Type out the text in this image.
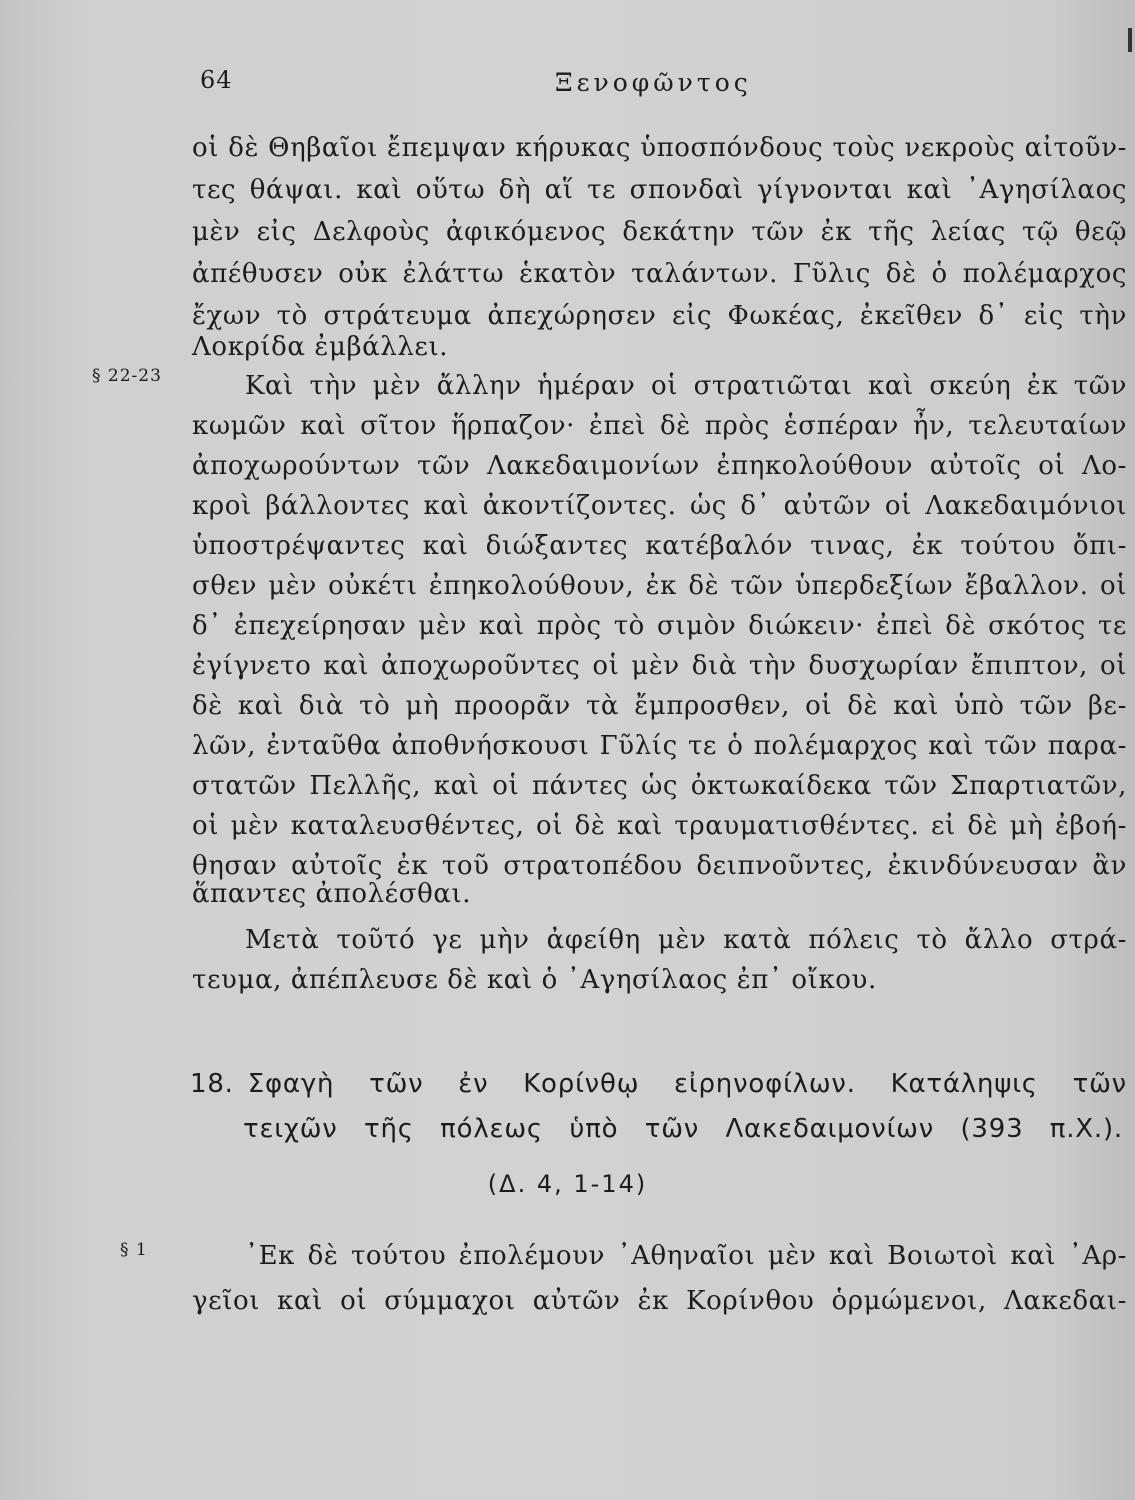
64	Ξενοφῶντος
οἱ δὲ Θηβαῖοι ἔπεμψαν κήρυκας ὑποσπόνδους τοὺς νεκροὺς αἰτοῦν-
τες θάψαι. καὶ οὕτω δὴ αἵ τε σπονδαὶ γίγνονται καὶ ᾿Αγησίλαος
μὲν εἰς Δελφοὺς ἀφικόμενος δεκάτην τῶν ἐκ τῆς λείας τῷ θεῷ
ἀπέθυσεν οὐκ ἐλάττω ἑκατὸν ταλάντων. Γῦλις δὲ ὁ πολέμαρχος
ἔχων τὸ στράτευμα ἀπεχώρησεν εἰς Φωκέας, ἐκεῖθεν δ᾿ εἰς τὴν
Λοκρίδα ἐμβάλλει.
§ 22-23	Καὶ τὴν μὲν ἄλλην ἡμέραν οἱ στρατιῶται καὶ σκεύη ἐκ τῶν
κωμῶν καὶ σῖτον ἥρπαζον· ἐπεὶ δὲ πρὸς ἑσπέραν ἦν, τελευταίων
ἀποχωρούντων τῶν Λακεδαιμονίων ἐπηκολούθουν αὐτοῖς οἱ Λο-
κροὶ βάλλοντες καὶ ἀκοντίζοντες. ὡς δ᾿ αὐτῶν οἱ Λακεδαιμόνιοι
ὑποστρέψαντες καὶ διώξαντες κατέβαλόν τινας, ἐκ τούτου ὄπι-
σθεν μὲν οὐκέτι ἐπηκολούθουν, ἐκ δὲ τῶν ὑπερδεξίων ἔβαλλον. οἱ
δ᾿ ἐπεχείρησαν μὲν καὶ πρὸς τὸ σιμὸν διώκειν· ἐπεὶ δὲ σκότος τε
ἐγίγνετο καὶ ἀποχωροῦντες οἱ μὲν διὰ τὴν δυσχωρίαν ἔπιπτον, οἱ
δὲ καὶ διὰ τὸ μὴ προορᾶν τὰ ἔμπροσθεν, οἱ δὲ καὶ ὑπὸ τῶν βε-
λῶν, ἐνταῦθα ἀποθνήσκουσι Γῦλίς τε ὁ πολέμαρχος καὶ τῶν παρα-
στατῶν Πελλῆς, καὶ οἱ πάντες ὡς ὀκτωκαίδεκα τῶν Σπαρτιατῶν,
οἱ μὲν καταλευσθέντες, οἱ δὲ καὶ τραυματισθέντες. εἰ δὲ μὴ ἐβοή-
θησαν αὐτοῖς ἐκ τοῦ στρατοπέδου δειπνοῦντες, ἐκινδύνευσαν ἂν
ἅπαντες ἀπολέσθαι.
Μετὰ τοῦτό γε μὴν ἀφείθη μὲν κατὰ πόλεις τὸ ἄλλο στρά-
τευμα, ἀπέπλευσε δὲ καὶ ὁ ᾿Αγησίλαος ἐπ᾿ οἴκου.
18. Σφαγὴ τῶν ἐν Κορίνθῳ εἰρηνοφίλων. Κατάληψις τῶν
τειχῶν τῆς πόλεως ὑπὸ τῶν Λακεδαιμονίων (393 π.Χ.).
(Δ. 4, 1-14)
§ 1	᾿Εκ δὲ τούτου ἐπολέμουν ᾿Αθηναῖοι μὲν καὶ Βοιωτοὶ καὶ ᾿Αρ-
γεῖοι καὶ οἱ σύμμαχοι αὐτῶν ἐκ Κορίνθου ὁρμώμενοι, Λακεδαι-
